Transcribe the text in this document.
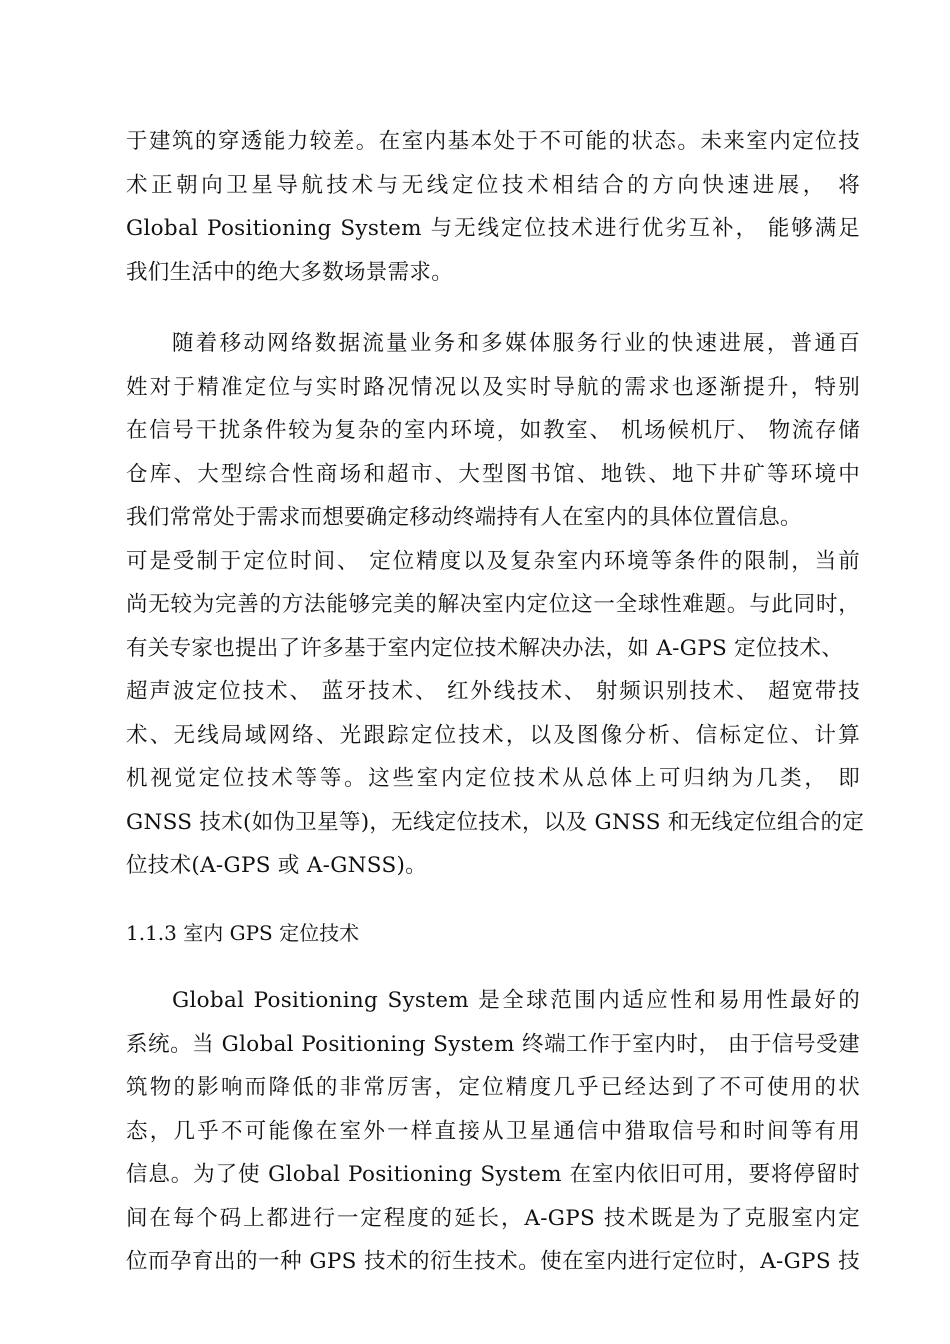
于建筑的穿透能力较差。在室内基本处于不可能的状态。未来室内定位技
术正朝向卫星导航技术与无线定位技术相结合的方向快速进展， 将
Global Positioning System 与无线定位技术进行优劣互补， 能够满足
我们生活中的绝大多数场景需求。
随着移动网络数据流量业务和多媒体服务行业的快速进展，普通百
姓对于精准定位与实时路况情况以及实时导航的需求也逐渐提升，特别
在信号干扰条件较为复杂的室内环境，如教室、 机场候机厅、 物流存储
仓库、大型综合性商场和超市、大型图书馆、地铁、地下井矿等环境中
我们常常处于需求而想要确定移动终端持有人在室内的具体位置信息。
可是受制于定位时间、 定位精度以及复杂室内环境等条件的限制，当前
尚无较为完善的方法能够完美的解决室内定位这一全球性难题。与此同时，
有关专家也提出了许多基于室内定位技术解决办法，如 A-GPS 定位技术、
超声波定位技术、 蓝牙技术、 红外线技术、 射频识别技术、 超宽带技
术、无线局域网络、光跟踪定位技术，以及图像分析、信标定位、计算
机视觉定位技术等等。这些室内定位技术从总体上可归纳为几类， 即
GNSS 技术(如伪卫星等)，无线定位技术，以及 GNSS 和无线定位组合的定
位技术(A-GPS 或 A-GNSS)。
1.1.3 室内 GPS 定位技术
Global Positioning System 是全球范围内适应性和易用性最好的
系统。当 Global Positioning System 终端工作于室内时， 由于信号受建
筑物的影响而降低的非常厉害，定位精度几乎已经达到了不可使用的状
态，几乎不可能像在室外一样直接从卫星通信中猎取信号和时间等有用
信息。为了使 Global Positioning System 在室内依旧可用，要将停留时
间在每个码上都进行一定程度的延长，A-GPS 技术既是为了克服室内定
位而孕育出的一种 GPS 技术的衍生技术。使在室内进行定位时，A-GPS 技
